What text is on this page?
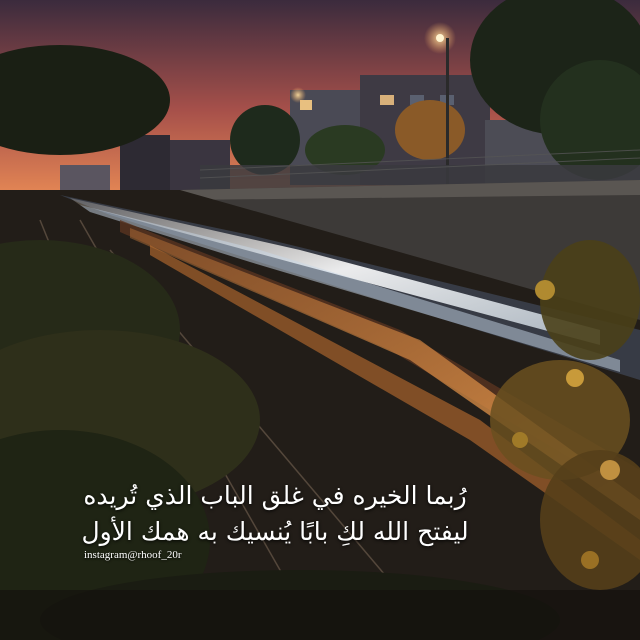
رُبما الخيره في غلق الباب الذي تُريده
ليفتح الله لكِ بابًا يُنسيك به همك الأول
instagram@rhoof_20r
